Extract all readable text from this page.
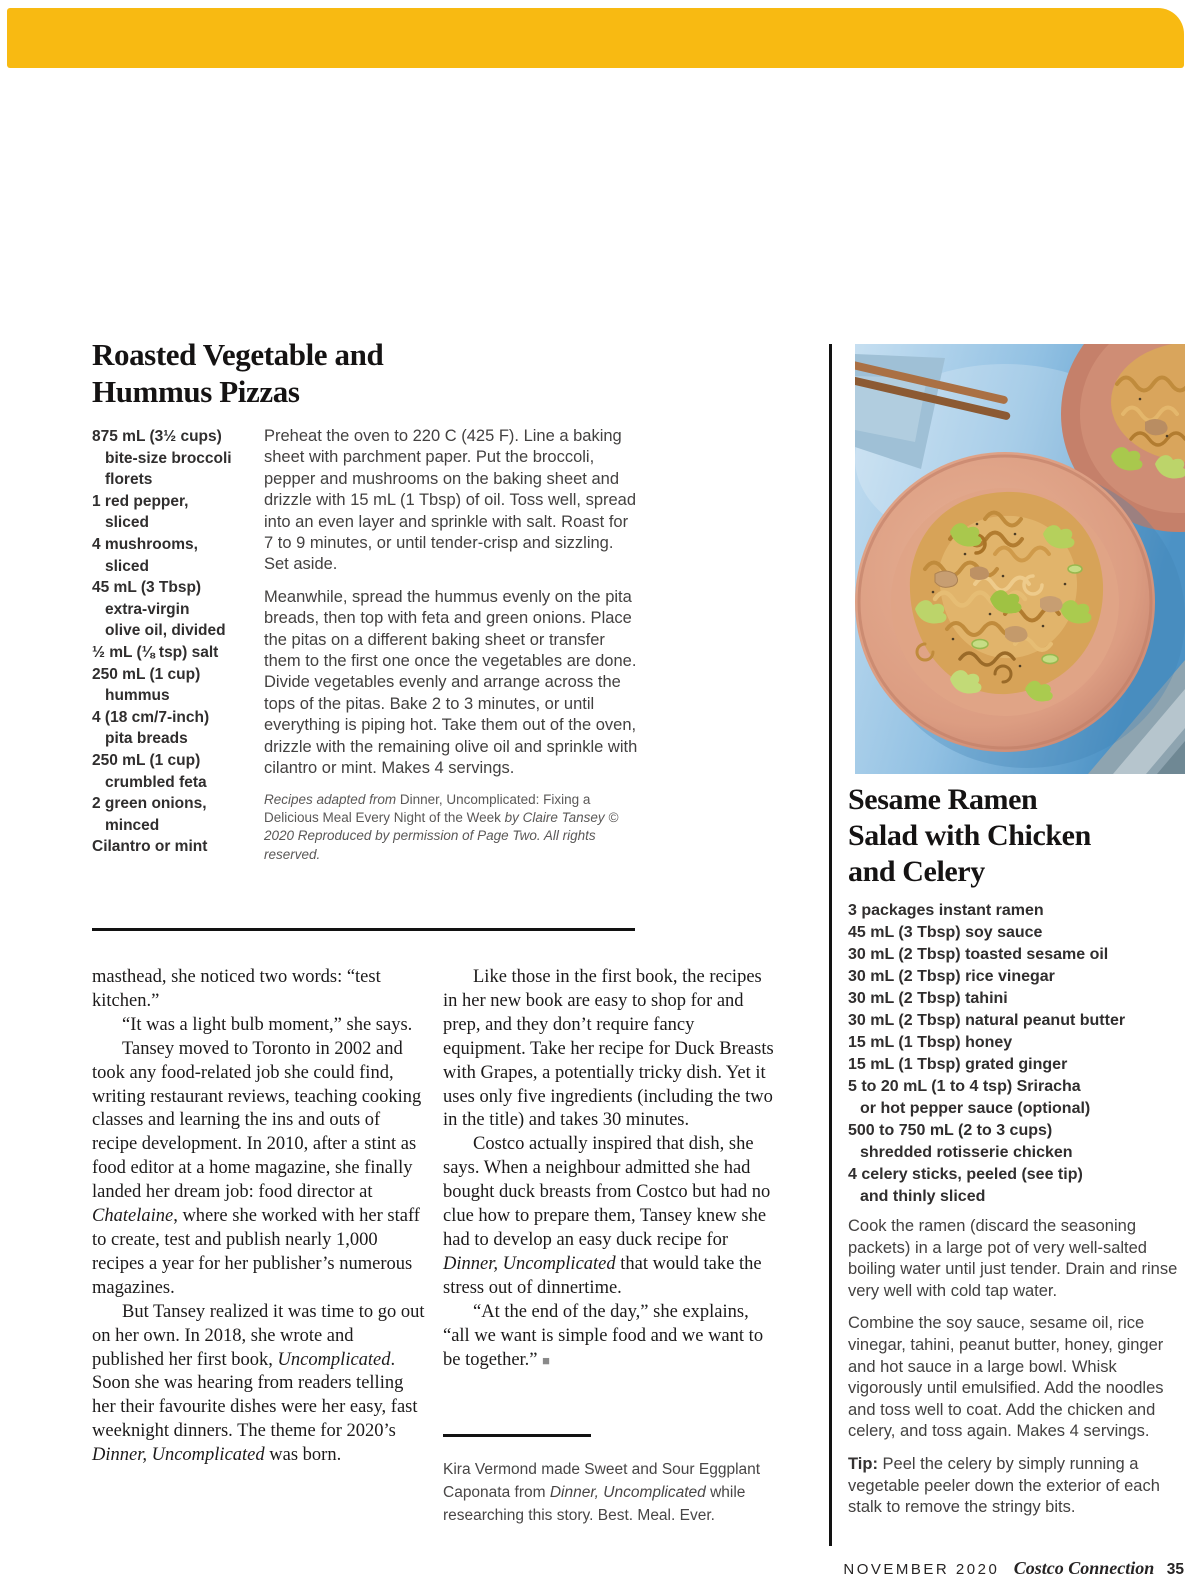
Roasted Vegetable and
Hummus Pizzas
875 mL (3½ cups)
bite-size broccoli
florets
1 red pepper,
sliced
4 mushrooms,
sliced
45 mL (3 Tbsp)
extra-virgin
olive oil, divided
½ mL (⅛ tsp) salt
250 mL (1 cup)
hummus
4 (18 cm/7-inch)
pita breads
250 mL (1 cup)
crumbled feta
2 green onions,
minced
Cilantro or mint

Preheat the oven to 220 C (425 F). Line a baking sheet with parchment paper. Put the broccoli, pepper and mushrooms on the baking sheet and drizzle with 15 mL (1 Tbsp) of oil. Toss well, spread into an even layer and sprinkle with salt. Roast for 7 to 9 minutes, or until tender-crisp and sizzling. Set aside.

Meanwhile, spread the hummus evenly on the pita breads, then top with feta and green onions. Place the pitas on a different baking sheet or transfer them to the first one once the vegetables are done. Divide vegetables evenly and arrange across the tops of the pitas. Bake 2 to 3 minutes, or until everything is piping hot. Take them out of the oven, drizzle with the remaining olive oil and sprinkle with cilantro or mint. Makes 4 servings.

Recipes adapted from Dinner, Uncomplicated: Fixing a Delicious Meal Every Night of the Week by Claire Tansey © 2020 Reproduced by permission of Page Two. All rights reserved.

masthead, she noticed two words: “test kitchen.”

“It was a light bulb moment,” she says.

Tansey moved to Toronto in 2002 and took any food-related job she could find, writing restaurant reviews, teaching cooking classes and learning the ins and outs of recipe development. In 2010, after a stint as food editor at a home magazine, she finally landed her dream job: food director at Chatelaine, where she worked with her staff to create, test and publish nearly 1,000 recipes a year for her publisher’s numerous magazines.

But Tansey realized it was time to go out on her own. In 2018, she wrote and published her first book, Uncomplicated. Soon she was hearing from readers telling her their favourite dishes were her easy, fast weeknight dinners. The theme for 2020’s Dinner, Uncomplicated was born.

Like those in the first book, the recipes in her new book are easy to shop for and prep, and they don’t require fancy equipment. Take her recipe for Duck Breasts with Grapes, a potentially tricky dish. Yet it uses only five ingredients (including the two in the title) and takes 30 minutes.

Costco actually inspired that dish, she says. When a neighbour admitted she had bought duck breasts from Costco but had no clue how to prepare them, Tansey knew she had to develop an easy duck recipe for Dinner, Uncomplicated that would take the stress out of dinnertime.

“At the end of the day,” she explains, “all we want is simple food and we want to be together.” ■

Kira Vermond made Sweet and Sour Eggplant Caponata from Dinner, Uncomplicated while researching this story. Best. Meal. Ever.
Sesame Ramen
Salad with Chicken
and Celery
3 packages instant ramen
45 mL (3 Tbsp) soy sauce
30 mL (2 Tbsp) toasted sesame oil
30 mL (2 Tbsp) rice vinegar
30 mL (2 Tbsp) tahini
30 mL (2 Tbsp) natural peanut butter
15 mL (1 Tbsp) honey
15 mL (1 Tbsp) grated ginger
5 to 20 mL (1 to 4 tsp) Sriracha
or hot pepper sauce (optional)
500 to 750 mL (2 to 3 cups)
shredded rotisserie chicken
4 celery sticks, peeled (see tip)
and thinly sliced

Cook the ramen (discard the seasoning packets) in a large pot of very well-salted boiling water until just tender. Drain and rinse very well with cold tap water.

Combine the soy sauce, sesame oil, rice vinegar, tahini, peanut butter, honey, ginger and hot sauce in a large bowl. Whisk vigorously until emulsified. Add the noodles and toss well to coat. Add the chicken and celery, and toss again. Makes 4 servings.

Tip: Peel the celery by simply running a vegetable peeler down the exterior of each stalk to remove the stringy bits.

NOVEMBER 2020 Costco Connection 35
